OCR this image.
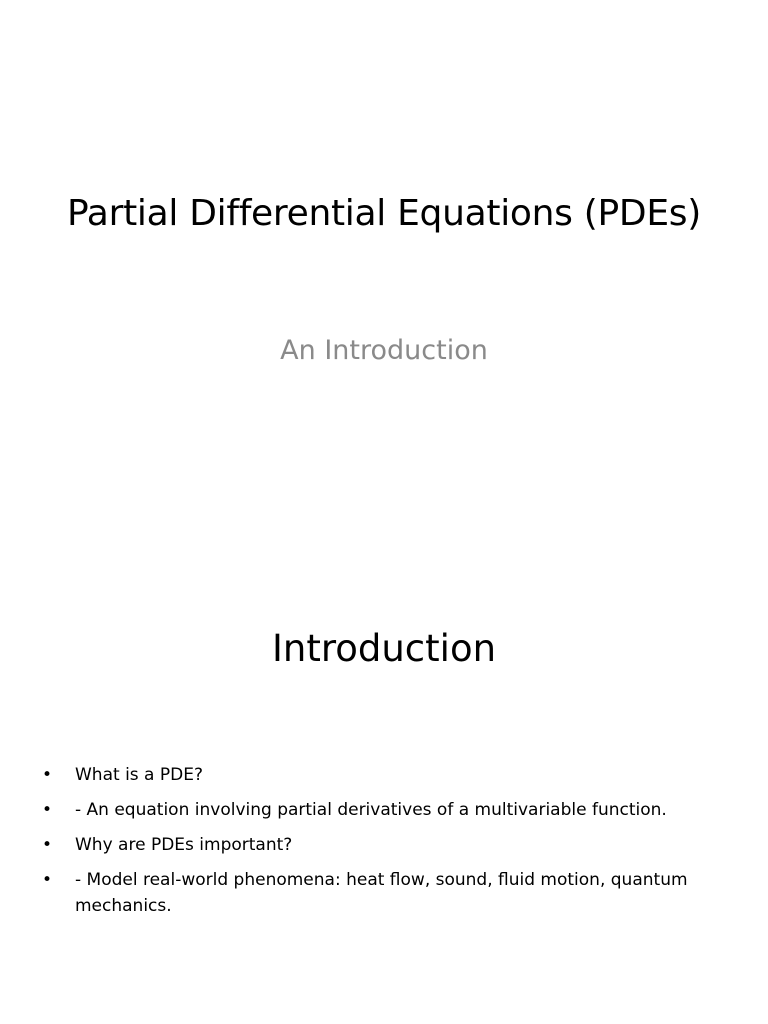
Partial Differential Equations (PDEs)

An Introduction

Introduction
• What is a PDE?
• - An equation involving partial derivatives of a multivariable function.
• Why are PDEs important?
• - Model real-world phenomena: heat flow, sound, fluid motion, quantum mechanics.
